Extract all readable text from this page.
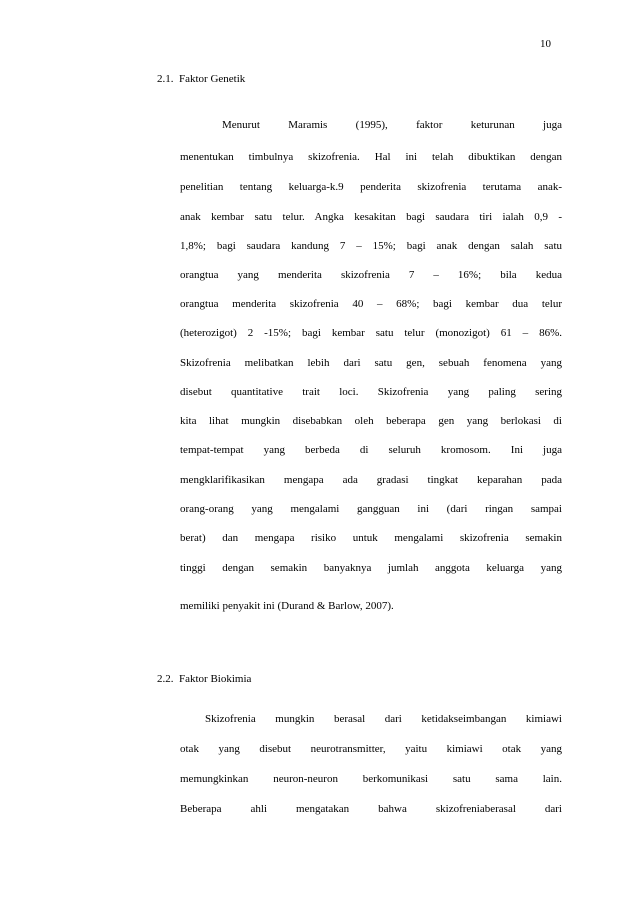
10
2.1.  Faktor Genetik
Menurut Maramis (1995), faktor keturunan juga
menentukan timbulnya skizofrenia. Hal ini telah dibuktikan dengan
penelitian tentang keluarga-k.9 penderita skizofrenia terutama anak-
anak kembar satu telur. Angka kesakitan bagi saudara tiri ialah 0,9 -
1,8%; bagi saudara kandung 7 – 15%; bagi anak dengan salah satu
orangtua yang menderita skizofrenia 7 – 16%; bila kedua
orangtua menderita skizofrenia 40 – 68%; bagi kembar dua telur
(heterozigot) 2 -15%; bagi kembar satu telur (monozigot) 61 – 86%.
Skizofrenia melibatkan lebih dari satu gen, sebuah fenomena yang
disebut quantitative trait loci. Skizofrenia yang paling sering
kita lihat mungkin disebabkan oleh beberapa gen yang berlokasi di
tempat-tempat yang berbeda di seluruh kromosom. Ini juga
mengklarifikasikan mengapa ada gradasi tingkat keparahan pada
orang-orang yang mengalami gangguan ini (dari ringan sampai
berat) dan mengapa risiko untuk mengalami skizofrenia semakin
tinggi dengan semakin banyaknya jumlah anggota keluarga yang
memiliki penyakit ini (Durand & Barlow, 2007).
2.2.  Faktor Biokimia
Skizofrenia mungkin berasal dari ketidakseimbangan kimiawi
otak yang disebut neurotransmitter, yaitu kimiawi otak yang
memungkinkan neuron-neuron berkomunikasi satu sama lain.
Beberapa ahli mengatakan bahwa skizofreniaberasal dari
